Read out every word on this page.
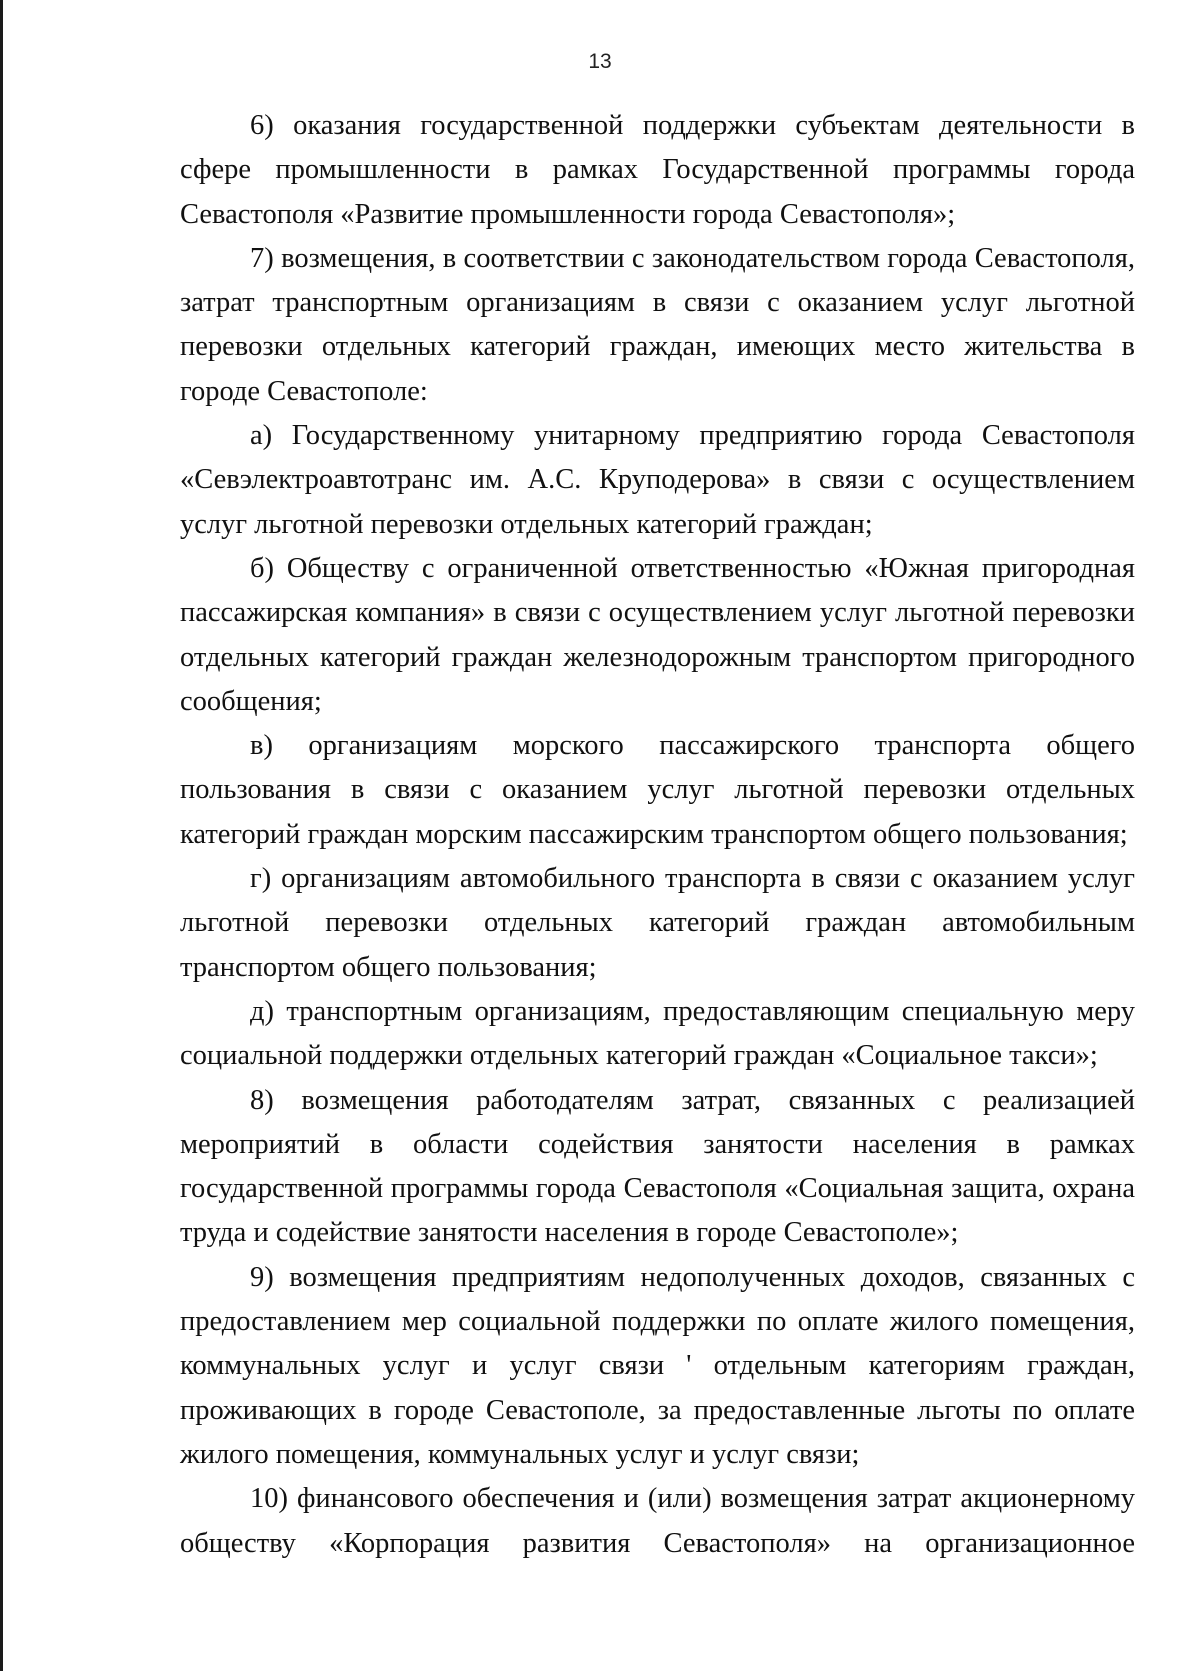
13

6) оказания государственной поддержки субъектам деятельности в сфере промышленности в рамках Государственной программы города Севастополя «Развитие промышленности города Севастополя»;

7) возмещения, в соответствии с законодательством города Севастополя, затрат транспортным организациям в связи с оказанием услуг льготной перевозки отдельных категорий граждан, имеющих место жительства в городе Севастополе:

а) Государственному унитарному предприятию города Севастополя «Севэлектроавтотранс им. А.С. Круподерова» в связи с осуществлением услуг льготной перевозки отдельных категорий граждан;

б) Обществу с ограниченной ответственностью «Южная пригородная пассажирская компания» в связи с осуществлением услуг льготной перевозки отдельных категорий граждан железнодорожным транспортом пригородного сообщения;

в) организациям морского пассажирского транспорта общего пользования в связи с оказанием услуг льготной перевозки отдельных категорий граждан морским пассажирским транспортом общего пользования;

г) организациям автомобильного транспорта в связи с оказанием услуг льготной перевозки отдельных категорий граждан автомобильным транспортом общего пользования;

д) транспортным организациям, предоставляющим специальную меру социальной поддержки отдельных категорий граждан «Социальное такси»;

8) возмещения работодателям затрат, связанных с реализацией мероприятий в области содействия занятости населения в рамках государственной программы города Севастополя «Социальная защита, охрана труда и содействие занятости населения в городе Севастополе»;

9) возмещения предприятиям недополученных доходов, связанных с предоставлением мер социальной поддержки по оплате жилого помещения, коммунальных услуг и услуг связи ' отдельным категориям граждан, проживающих в городе Севастополе, за предоставленные льготы по оплате жилого помещения, коммунальных услуг и услуг связи;

10) финансового обеспечения и (или) возмещения затрат акционерному обществу «Корпорация развития Севастополя» на организационное
